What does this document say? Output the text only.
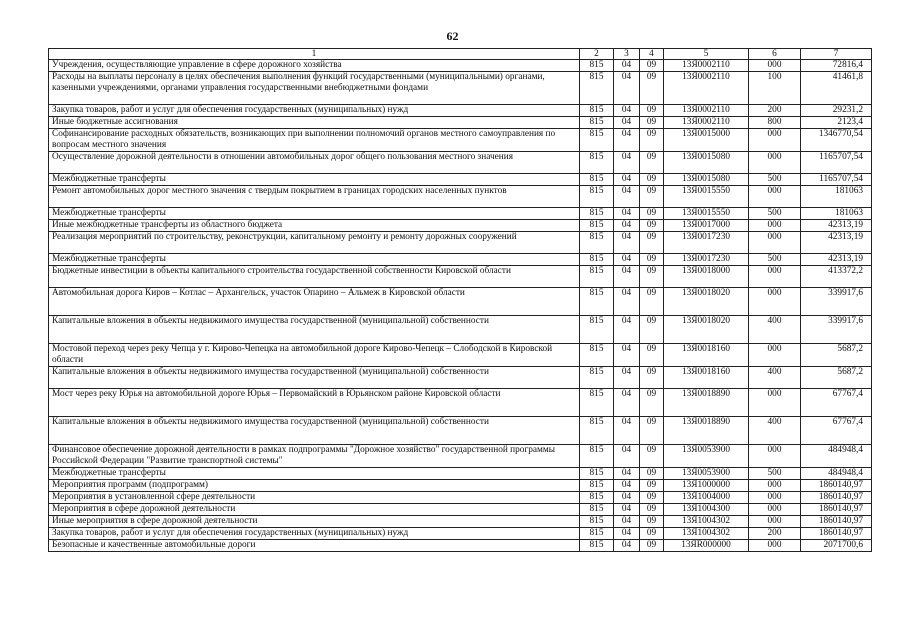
62
1	2	3	4	5	6	7
Учреждения, осуществляющие управление в сфере дорожного хозяйства	815	04	09	13Я0002110	000	72816,4
Расходы на выплаты персоналу в целях обеспечения выполнения функций государственными (муниципальными) органами, казенными учреждениями, органами управления государственными внебюджетными фондами	815	04	09	13Я0002110	100	41461,8
Закупка товаров, работ и услуг для обеспечения государственных (муниципальных) нужд	815	04	09	13Я0002110	200	29231,2
Иные бюджетные ассигнования	815	04	09	13Я0002110	800	2123,4
Софинансирование расходных обязательств, возникающих при выполнении полномочий органов местного самоуправления по вопросам местного значения	815	04	09	13Я0015000	000	1346770,54
Осуществление дорожной деятельности в отношении автомобильных дорог общего пользования местного значения	815	04	09	13Я0015080	000	1165707,54
Межбюджетные трансферты	815	04	09	13Я0015080	500	1165707,54
Ремонт автомобильных дорог местного значения с твердым покрытием в границах городских населенных пунктов	815	04	09	13Я0015550	000	181063
Межбюджетные трансферты	815	04	09	13Я0015550	500	181063
Иные межбюджетные трансферты из областного бюджета	815	04	09	13Я0017000	000	42313,19
Реализация мероприятий по строительству, реконструкции, капитальному ремонту и ремонту дорожных сооружений	815	04	09	13Я0017230	000	42313,19
Межбюджетные трансферты	815	04	09	13Я0017230	500	42313,19
Бюджетные инвестиции в объекты капитального строительства государственной собственности Кировской области	815	04	09	13Я0018000	000	413372,2
Автомобильная дорога Киров – Котлас – Архангельск, участок Опарино – Альмеж в Кировской области	815	04	09	13Я0018020	000	339917,6
Капитальные вложения в объекты недвижимого имущества государственной (муниципальной) собственности	815	04	09	13Я0018020	400	339917,6
Мостовой переход через реку Чепца у г. Кирово-Чепецка на автомобильной дороге Кирово-Чепецк – Слободской в Кировской области	815	04	09	13Я0018160	000	5687,2
Капитальные вложения в объекты недвижимого имущества государственной (муниципальной) собственности	815	04	09	13Я0018160	400	5687,2
Мост через реку Юрья на автомобильной дороге Юрья – Первомайский в Юрьянском районе Кировской области	815	04	09	13Я0018890	000	67767,4
Капитальные вложения в объекты недвижимого имущества государственной (муниципальной) собственности	815	04	09	13Я0018890	400	67767,4
Финансовое обеспечение дорожной деятельности в рамках подпрограммы "Дорожное хозяйство" государственной программы Российской Федерации "Развитие транспортной системы"	815	04	09	13Я0053900	000	484948,4
Межбюджетные трансферты	815	04	09	13Я0053900	500	484948,4
Мероприятия программ (подпрограмм)	815	04	09	13Я1000000	000	1860140,97
Мероприятия в установленной сфере деятельности	815	04	09	13Я1004000	000	1860140,97
Мероприятия в сфере дорожной деятельности	815	04	09	13Я1004300	000	1860140,97
Иные мероприятия в сфере дорожной деятельности	815	04	09	13Я1004302	000	1860140,97
Закупка товаров, работ и услуг для обеспечения государственных (муниципальных) нужд	815	04	09	13Я1004302	200	1860140,97
Безопасные и качественные автомобильные дороги	815	04	09	13ЯR000000	000	2071700,6
